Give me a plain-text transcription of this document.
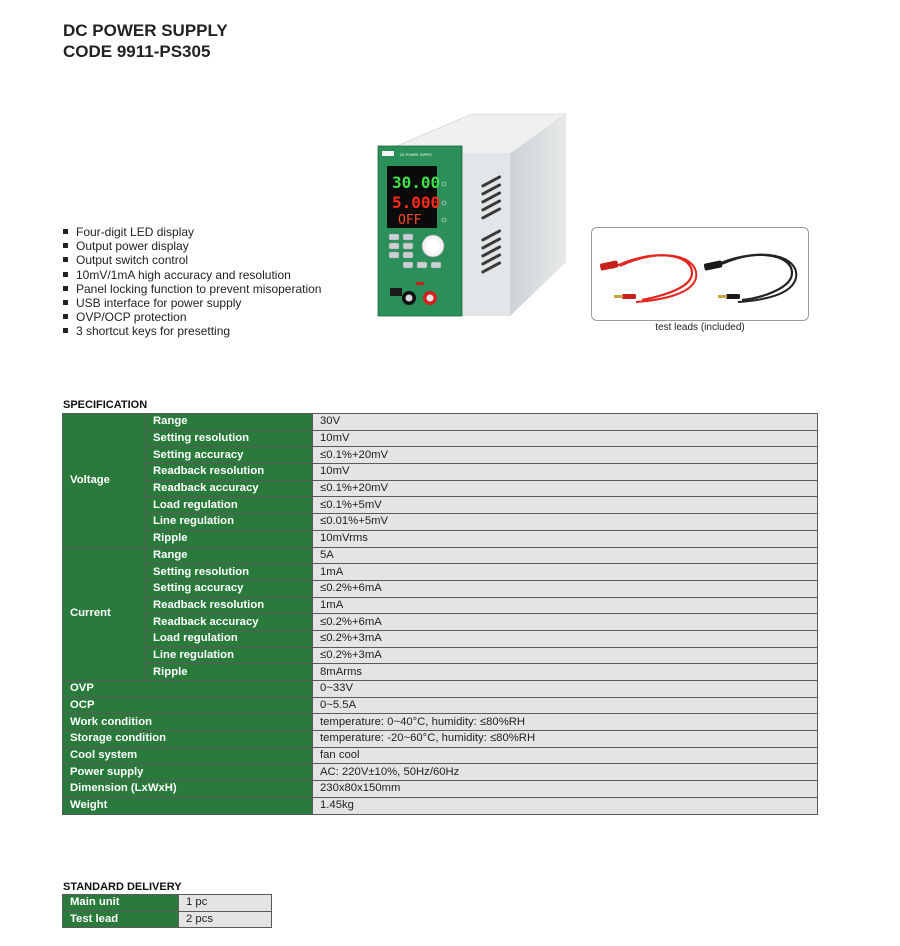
DC POWER SUPPLY
CODE 9911-PS305
Four-digit LED display
Output power display
Output switch control
10mV/1mA high accuracy and resolution
Panel locking function to prevent misoperation
USB interface for power supply
OVP/OCP protection
3 shortcut keys for presetting
DC POWER SUPPLY
30.00
5.000
OFF
test leads (included)
SPECIFICATION
Voltage	Range	30V
	Setting resolution	10mV
	Setting accuracy	≤0.1%+20mV
	Readback resolution	10mV
	Readback accuracy	≤0.1%+20mV
	Load regulation	≤0.1%+5mV
	Line regulation	≤0.01%+5mV
	Ripple	10mVrms
Current	Range	5A
	Setting resolution	1mA
	Setting accuracy	≤0.2%+6mA
	Readback resolution	1mA
	Readback accuracy	≤0.2%+6mA
	Load regulation	≤0.2%+3mA
	Line regulation	≤0.2%+3mA
	Ripple	8mArms
OVP		0~33V
OCP		0~5.5A
Work condition		temperature: 0~40°C, humidity: ≤80%RH
Storage condition		temperature: -20~60°C, humidity: ≤80%RH
Cool system		fan cool
Power supply		AC: 220V±10%, 50Hz/60Hz
Dimension (LxWxH)		230x80x150mm
Weight		1.45kg
STANDARD DELIVERY
Main unit	1 pc
Test lead	2 pcs
